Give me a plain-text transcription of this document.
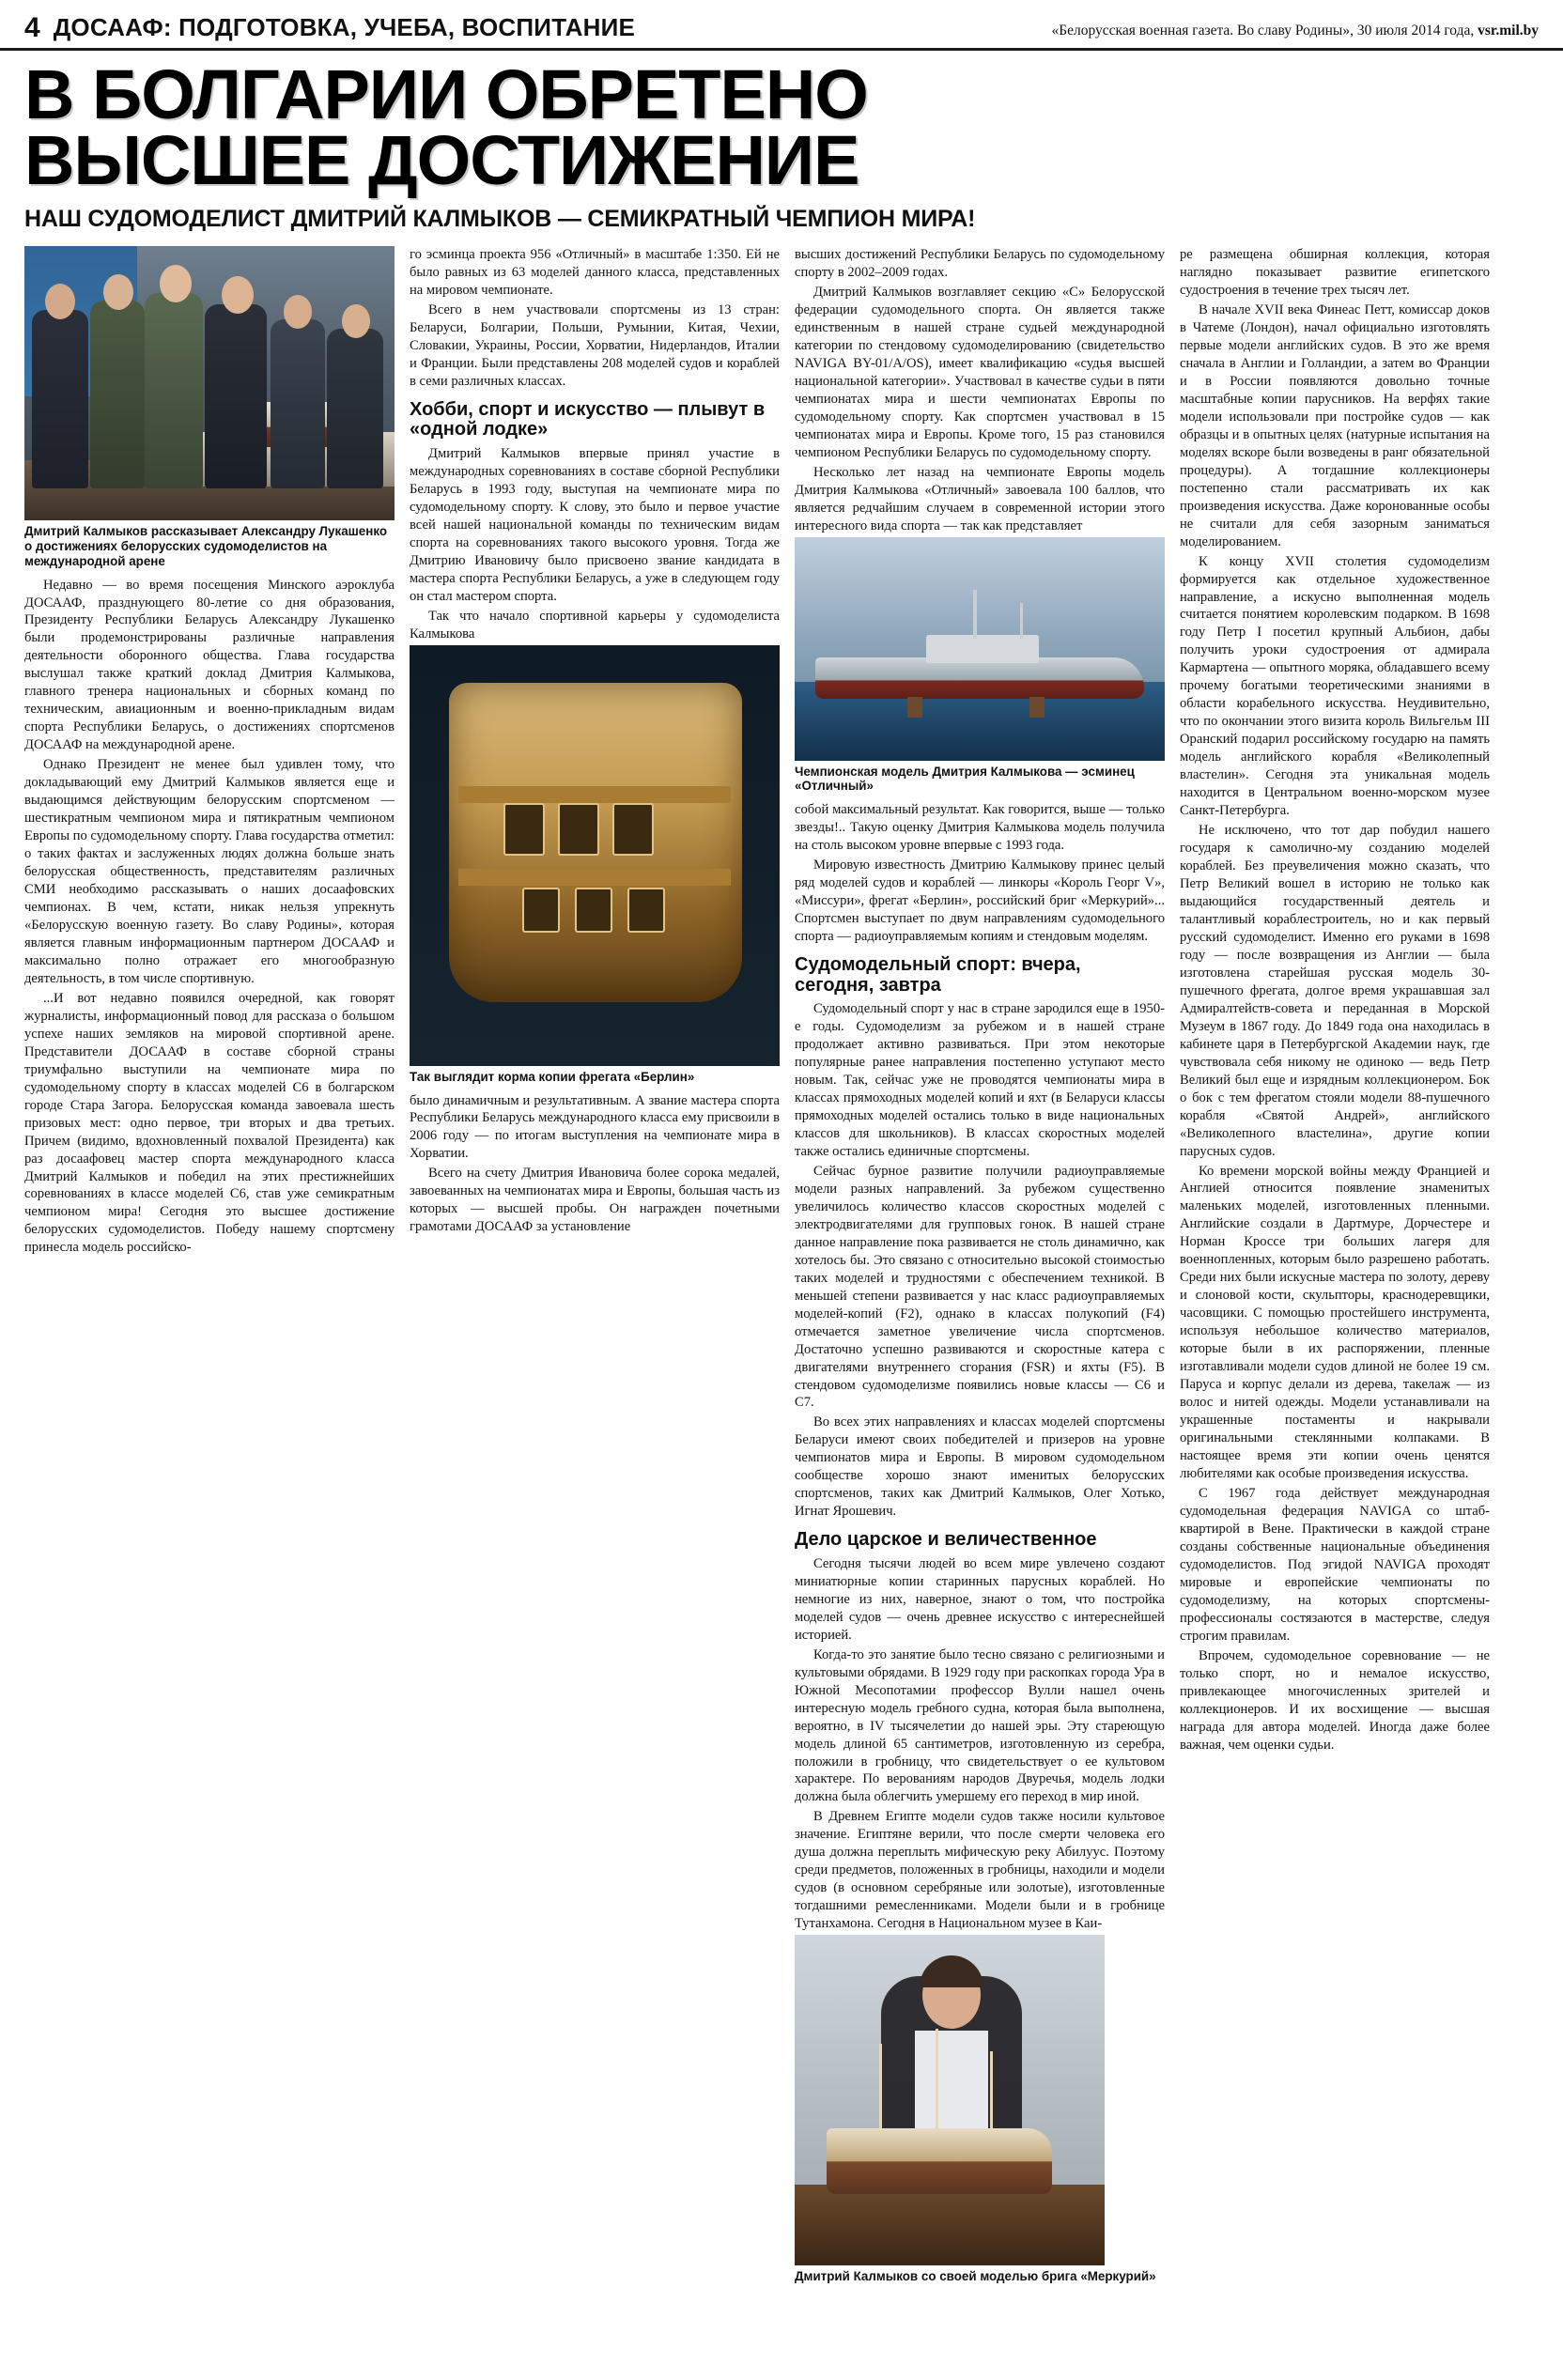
4 ДОСААФ: ПОДГОТОВКА, УЧЕБА, ВОСПИТАНИЕ	«Белорусская военная газета. Во славу Родины», 30 июля 2014 года, vsr.mil.by
В БОЛГАРИИ ОБРЕТЕНО
ВЫСШЕЕ ДОСТИЖЕНИЕ
НАШ СУДОМОДЕЛИСТ ДМИТРИЙ КАЛМЫКОВ — СЕМИКРАТНЫЙ ЧЕМПИОН МИРА!
Дмитрий Калмыков рассказывает Александру Лукашенко о достижениях белорусских судомоделистов на международной арене

Недавно — во время посещения Минского аэроклуба ДОСААФ, празднующего 80-летие со дня образования, Президенту Республики Беларусь Александру Лукашенко были продемонстрированы различные направления деятельности оборонного общества. Глава государства выслушал также краткий доклад Дмитрия Калмыкова, главного тренера национальных и сборных команд по техническим, авиационным и военно-прикладным видам спорта Республики Беларусь, о достижениях спортсменов ДОСААФ на международной арене.

Однако Президент не менее был удивлен тому, что докладывающий ему Дмитрий Калмыков является еще и выдающимся действующим белорусским спортсменом — шестикратным чемпионом мира и пятикратным чемпионом Европы по судомодельному спорту. Глава государства отметил: о таких фактах и заслуженных людях должна больше знать белорусская общественность, представителям различных СМИ необходимо рассказывать о наших досаафовских чемпионах. В чем, кстати, никак нельзя упрекнуть «Белорусскую военную газету. Во славу Родины», которая является главным информационным партнером ДОСААФ и максимально полно отражает его многообразную деятельность, в том числе спортивную.

...И вот недавно появился очередной, как говорят журналисты, информационный повод для рассказа о большом успехе наших земляков на мировой спортивной арене. Представители ДОСААФ в составе сборной страны триумфально выступили на чемпионате мира по судомодельному спорту в классах моделей С6 в болгарском городе Стара Загора. Белорусская команда завоевала шесть призовых мест: одно первое, три вторых и два третьих. Причем (видимо, вдохновленный похвалой Президента) как раз досаафовец мастер спорта международного класса Дмитрий Калмыков и победил на этих престижнейших соревнованиях в классе моделей С6, став уже семикратным чемпионом мира! Сегодня это высшее достижение белорусских судомоделистов. Победу нашему спортсмену принесла модель российско-

го эсминца проекта 956 «Отличный» в масштабе 1:350. Ей не было равных из 63 моделей данного класса, представленных на мировом чемпионате.

Всего в нем участвовали спортсмены из 13 стран: Беларуси, Болгарии, Польши, Румынии, Китая, Чехии, Словакии, Украины, России, Хорватии, Нидерландов, Италии и Франции. Были представлены 208 моделей судов и кораблей в семи различных классах.

Хобби, спорт и искусство — плывут в «одной лодке»

Дмитрий Калмыков впервые принял участие в международных соревнованиях в составе сборной Республики Беларусь в 1993 году, выступая на чемпионате мира по судомодельному спорту. К слову, это было и первое участие всей нашей национальной команды по техническим видам спорта на соревнованиях такого высокого уровня. Тогда же Дмитрию Ивановичу было присвоено звание кандидата в мастера спорта Республики Беларусь, а уже в следующем году он стал мастером спорта.

Так что начало спортивной карьеры у судомоделиста Калмыкова

Так выглядит корма копии фрегата «Берлин»

было динамичным и результативным. А звание мастера спорта Республики Беларусь международного класса ему присвоили в 2006 году — по итогам выступления на чемпионате мира в Хорватии.

Всего на счету Дмитрия Ивановича более сорока медалей, завоеванных на чемпионатах мира и Европы, большая часть из которых — высшей пробы. Он награжден почетными грамотами ДОСААФ за установление

высших достижений Республики Беларусь по судомодельному спорту в 2002–2009 годах.

Дмитрий Калмыков возглавляет секцию «С» Белорусской федерации судомодельного спорта. Он является также единственным в нашей стране судьей международной категории по стендовому судомоделированию (свидетельство NAVIGA BY-01/A/OS), имеет квалификацию «судья высшей национальной категории». Участвовал в качестве судьи в пяти чемпионатах мира и шести чемпионатах Европы по судомодельному спорту. Как спортсмен участвовал в 15 чемпионатах мира и Европы. Кроме того, 15 раз становился чемпионом Республики Беларусь по судомодельному спорту.

Несколько лет назад на чемпионате Европы модель Дмитрия Калмыкова «Отличный» завоевала 100 баллов, что является редчайшим случаем в современной истории этого интересного вида спорта — так как представляет

Чемпионская модель Дмитрия Калмыкова — эсминец «Отличный»

собой максимальный результат. Как говорится, выше — только звезды!.. Такую оценку Дмитрия Калмыкова модель получила на столь высоком уровне впервые с 1993 года.

Мировую известность Дмитрию Калмыкову принес целый ряд моделей судов и кораблей — линкоры «Король Георг V», «Миссури», фрегат «Берлин», российский бриг «Меркурий»... Спортсмен выступает по двум направлениям судомодельного спорта — радиоуправляемым копиям и стендовым моделям.

Судомодельный спорт: вчера, сегодня, завтра

Судомодельный спорт у нас в стране зародился еще в 1950-е годы. Судомоделизм за рубежом и в нашей стране продолжает активно развиваться. При этом некоторые популярные ранее направления постепенно уступают место новым. Так, сейчас уже не проводятся чемпионаты мира в классах прямоходных моделей копий и яхт (в Беларуси классы прямоходных моделей остались только в виде национальных классов для школьников). В классах скоростных моделей также остались единичные спортсмены.

Сейчас бурное развитие получили радиоуправляемые модели разных направлений. За рубежом существенно увеличилось количество классов скоростных моделей с электродвигателями для групповых гонок. В нашей стране данное направление пока развивается не столь динамично, как хотелось бы. Это связано с относительно высокой стоимостью таких моделей и трудностями с обеспечением техникой. В меньшей степени развивается у нас класс радиоуправляемых моделей-копий (F2), однако в классах полукопий (F4) отмечается заметное увеличение числа спортсменов. Достаточно успешно развиваются и скоростные катера с двигателями внутреннего сгорания (FSR) и яхты (F5). В стендовом судомоделизме появились новые классы — С6 и С7.

Во всех этих направлениях и классах моделей спортсмены Беларуси имеют своих победителей и призеров на уровне чемпионатов мира и Европы. В мировом судомодельном сообществе хорошо знают именитых белорусских спортсменов, таких как Дмитрий Калмыков, Олег Хотько, Игнат Ярошевич.

Дело царское и величественное

Сегодня тысячи людей во всем мире увлечено создают миниатюрные копии старинных парусных кораблей. Но немногие из них, наверное, знают о том, что постройка моделей судов — очень древнее искусство с интереснейшей историей.

Когда-то это занятие было тесно связано с религиозными и культовыми обрядами. В 1929 году при раскопках города Ура в Южной Месопотамии профессор Вулли нашел очень интересную модель гребного судна, которая была выполнена, вероятно, в IV тысячелетии до нашей эры. Эту стареющую модель длиной 65 сантиметров, изготовленную из серебра, положили в гробницу, что свидетельствует о ее культовом характере. По верованиям народов Двуречья, модель лодки должна была облегчить умершему его переход в мир иной.

В Древнем Египте модели судов также носили культовое значение. Египтяне верили, что после смерти человека его душа должна переплыть мифическую реку Абилуус. Поэтому среди предметов, положенных в гробницы, находили и модели судов (в основном серебряные или золотые), изготовленные тогдашними ремесленниками. Модели были и в гробнице Тутанхамона. Сегодня в Национальном музее в Каи-

Дмитрий Калмыков со своей моделью брига «Меркурий»

ре размещена обширная коллекция, которая наглядно показывает развитие египетского судостроения в течение трех тысяч лет.

В начале XVII века Финеас Петт, комиссар доков в Чатеме (Лондон), начал официально изготовлять первые модели английских судов. В это же время сначала в Англии и Голландии, а затем во Франции и в России появляются довольно точные масштабные копии парусников. На верфях такие модели использовали при постройке судов — как образцы и в опытных целях (натурные испытания на моделях вскоре были возведены в ранг обязательной процедуры). А тогдашние коллекционеры постепенно стали рассматривать их как произведения искусства. Даже коронованные особы не считали для себя зазорным заниматься моделированием.

К концу XVII столетия судомоделизм формируется как отдельное художественное направление, а искусно выполненная модель считается понятием королевским подарком. В 1698 году Петр I посетил крупный Альбион, дабы получить уроки судостроения от адмирала Кармартена — опытного моряка, обладавшего всему прочему богатыми теоретическими знаниями в области корабельного искусства. Неудивительно, что по окончании этого визита король Вильгельм III Оранский подарил российскому государю на память модель английского корабля «Великолепный властелин». Сегодня эта уникальная модель находится в Центральном военно-морском музее Санкт-Петербурга.

Не исключено, что тот дар побудил нашего государя к самолично-му созданию моделей кораблей. Без преувеличения можно сказать, что Петр Великий вошел в историю не только как выдающийся государственный деятель и талантливый кораблестроитель, но и как первый русский судомоделист. Именно его руками в 1698 году — после возвращения из Англии — была изготовлена старейшая русская модель 30-пушечного фрегата, долгое время украшавшая зал Адмиралтейств-совета и переданная в Морской Музеум в 1867 году. До 1849 года она находилась в кабинете царя в Петербургской Академии наук, где чувствовала себя никому не одиноко — ведь Петр Великий был еще и изрядным коллекционером. Бок о бок с тем фрегатом стояли модели 88-пушечного корабля «Святой Андрей», английского «Великолепного властелина», другие копии парусных судов.

Ко времени морской войны между Францией и Англией относится появление знаменитых маленьких моделей, изготовленных пленными. Английские создали в Дартмуре, Дорчестере и Норман Кроссе три больших лагеря для военнопленных, которым было разрешено работать. Среди них были искусные мастера по золоту, дереву и слоновой кости, скульпторы, краснодеревщики, часовщики. С помощью простейшего инструмента, используя небольшое количество материалов, которые были в их распоряжении, пленные изготавливали модели судов длиной не более 19 см. Паруса и корпус делали из дерева, такелаж — из волос и нитей одежды. Модели устанавливали на украшенные постаменты и накрывали оригинальными стеклянными колпаками. В настоящее время эти копии очень ценятся любителями как особые произведения искусства.

С 1967 года действует международная судомодельная федерация NAVIGA со штаб-квартирой в Вене. Практически в каждой стране созданы собственные национальные объединения судомоделистов. Под эгидой NAVIGA проходят мировые и европейские чемпионаты по судомоделизму, на которых спортсмены-профессионалы состязаются в мастерстве, следуя строгим правилам.

Впрочем, судомодельное соревнование — не только спорт, но и немалое искусство, привлекающее многочисленных зрителей и коллекционеров. И их восхищение — высшая награда для автора моделей. Иногда даже более важная, чем оценки судьи.
